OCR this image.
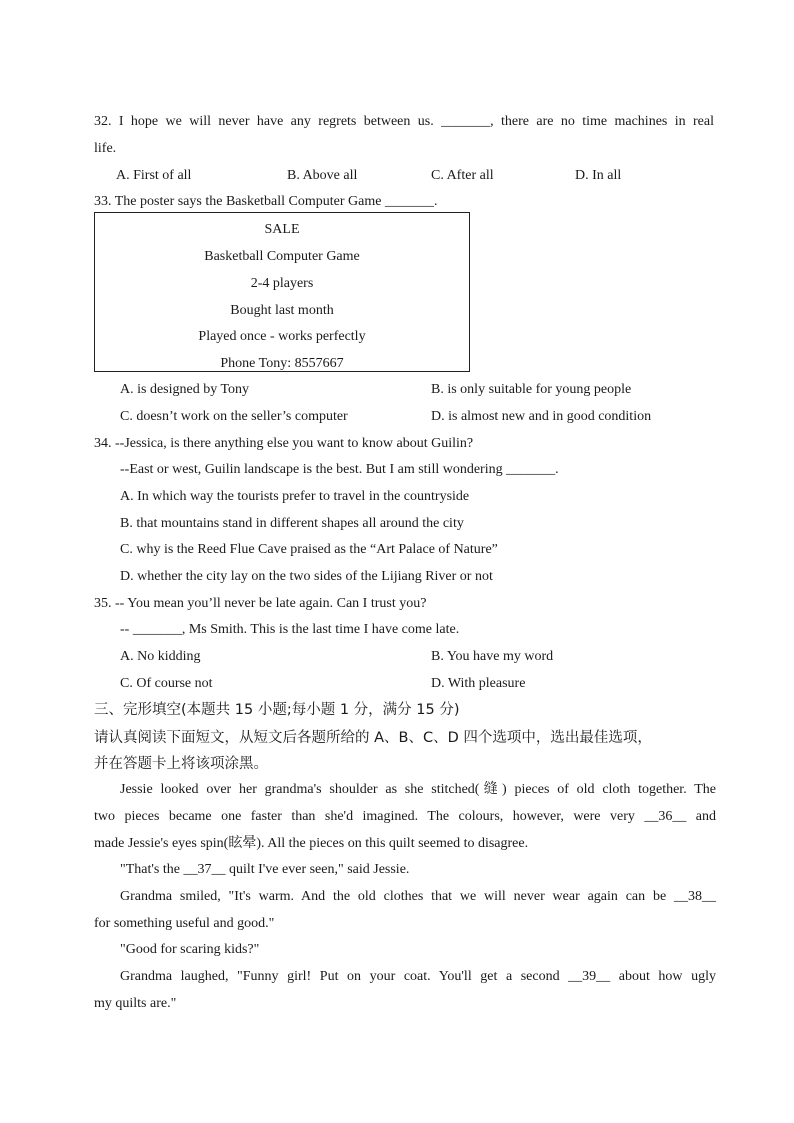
32. I hope we will never have any regrets between us. _______, there are no time machines in real
life.
A. First of all	B. Above all	C. After all	D. In all
33. The poster says the Basketball Computer Game _______.
SALE
Basketball Computer Game
2-4 players
Bought last month
Played once - works perfectly
Phone Tony: 8557667
A. is designed by Tony	B. is only suitable for young people
C. doesn’t work on the seller’s computer	D. is almost new and in good condition
34. --Jessica, is there anything else you want to know about Guilin?
--East or west, Guilin landscape is the best. But I am still wondering _______.
A. In which way the tourists prefer to travel in the countryside
B. that mountains stand in different shapes all around the city
C. why is the Reed Flue Cave praised as the “Art Palace of Nature”
D. whether the city lay on the two sides of the Lijiang River or not
35. -- You mean you’ll never be late again. Can I trust you?
-- _______, Ms Smith. This is the last time I have come late.
A. No kidding	B. You have my word
C. Of course not	D. With pleasure
三、完形填空(本题共 15 小题;每小题 1 分，满分 15 分)
请认真阅读下面短文，从短文后各题所给的 A、B、C、D 四个选项中，选出最佳选项，
并在答题卡上将该项涂黑。
Jessie looked over her grandma's shoulder as she stitched(缝) pieces of old cloth together. The
two pieces became one faster than she'd imagined. The colours, however, were very __36__ and
made Jessie's eyes spin(眩晕). All the pieces on this quilt seemed to disagree.
"That's the __37__ quilt I've ever seen," said Jessie.
Grandma smiled, "It's warm. And the old clothes that we will never wear again can be __38__
for something useful and good."
"Good for scaring kids?"
Grandma laughed, "Funny girl! Put on your coat. You'll get a second __39__ about how ugly
my quilts are."
